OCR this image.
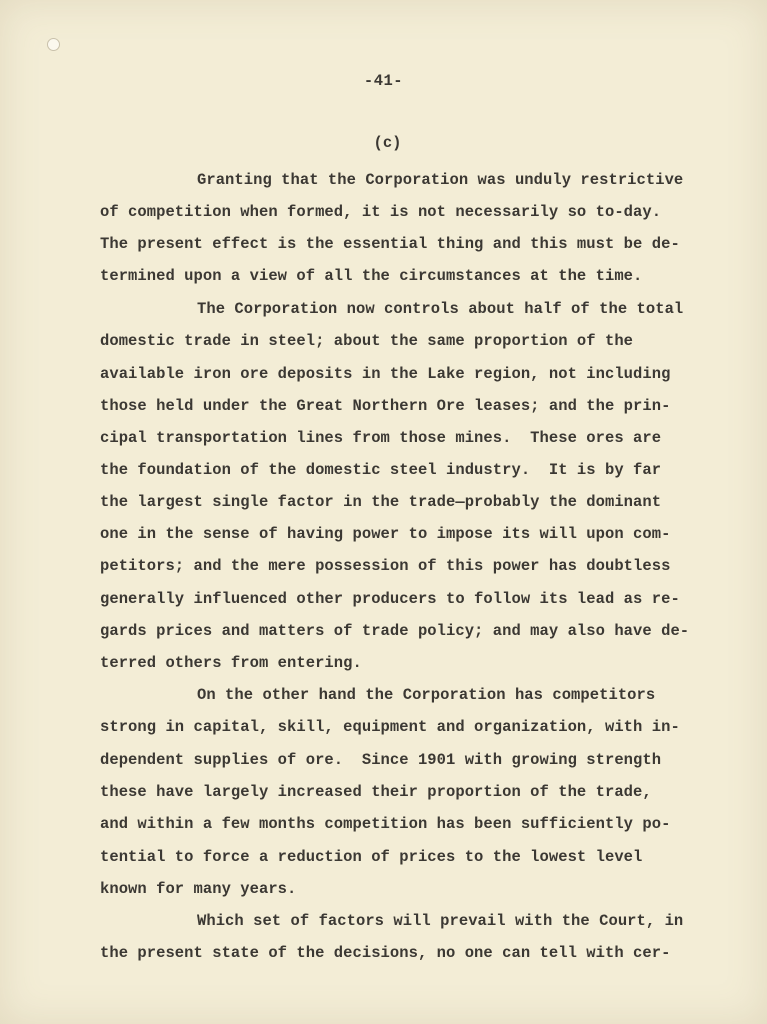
-41-
(c)
Granting that the Corporation was unduly restrictive
of competition when formed, it is not necessarily so to-day.
The present effect is the essential thing and this must be de-
termined upon a view of all the circumstances at the time.
The Corporation now controls about half of the total
domestic trade in steel; about the same proportion of the
available iron ore deposits in the Lake region, not including
those held under the Great Northern Ore leases; and the prin-
cipal transportation lines from those mines.  These ores are
the foundation of the domestic steel industry.  It is by far
the largest single factor in the trade—probably the dominant
one in the sense of having power to impose its will upon com-
petitors; and the mere possession of this power has doubtless
generally influenced other producers to follow its lead as re-
gards prices and matters of trade policy; and may also have de-
terred others from entering.
On the other hand the Corporation has competitors
strong in capital, skill, equipment and organization, with in-
dependent supplies of ore.  Since 1901 with growing strength
these have largely increased their proportion of the trade,
and within a few months competition has been sufficiently po-
tential to force a reduction of prices to the lowest level
known for many years.
Which set of factors will prevail with the Court, in
the present state of the decisions, no one can tell with cer-
